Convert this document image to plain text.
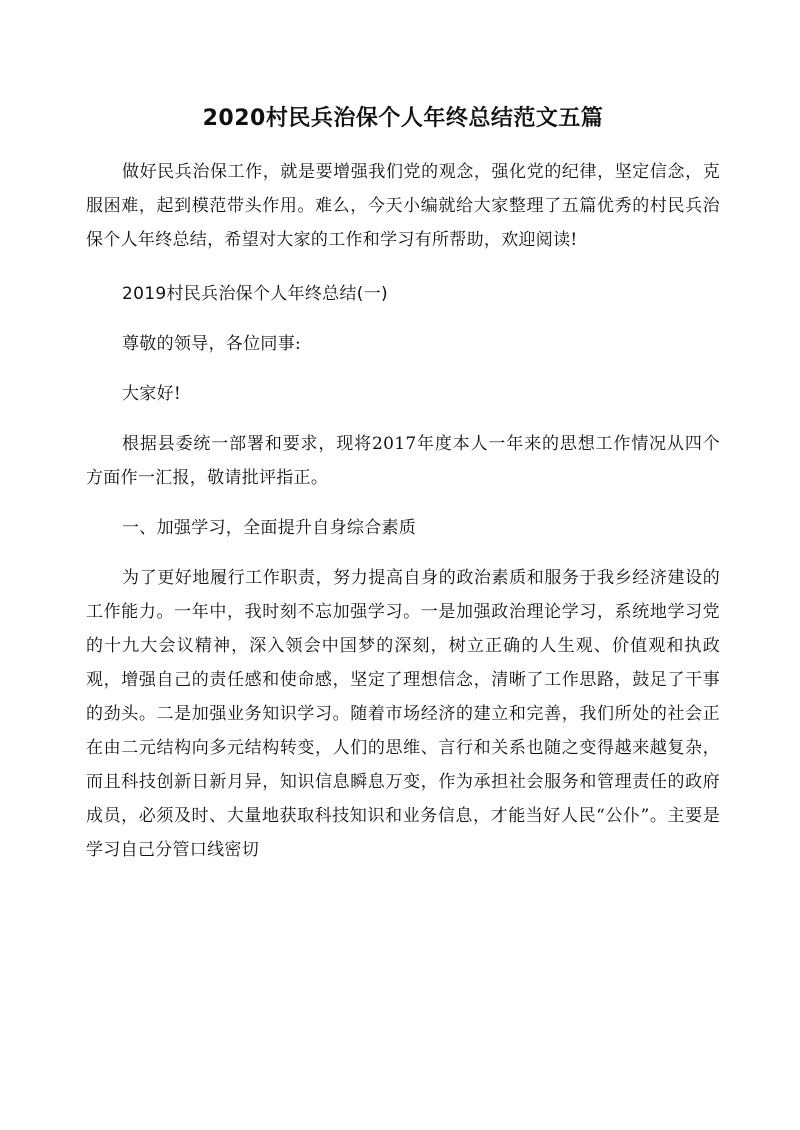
2020村民兵治保个人年终总结范文五篇

做好民兵治保工作，就是要增强我们党的观念，强化党的纪律，坚定信念，克服困难，起到模范带头作用。难么，今天小编就给大家整理了五篇优秀的村民兵治保个人年终总结，希望对大家的工作和学习有所帮助，欢迎阅读!

2019村民兵治保个人年终总结(一)

尊敬的领导，各位同事:

大家好!

根据县委统一部署和要求，现将2017年度本人一年来的思想工作情况从四个方面作一汇报，敬请批评指正。

一、加强学习，全面提升自身综合素质

为了更好地履行工作职责，努力提高自身的政治素质和服务于我乡经济建设的工作能力。一年中，我时刻不忘加强学习。一是加强政治理论学习，系统地学习党的十九大会议精神，深入领会中国梦的深刻，树立正确的人生观、价值观和执政观，增强自己的责任感和使命感，坚定了理想信念，清晰了工作思路，鼓足了干事的劲头。二是加强业务知识学习。随着市场经济的建立和完善，我们所处的社会正在由二元结构向多元结构转变，人们的思维、言行和关系也随之变得越来越复杂，而且科技创新日新月异，知识信息瞬息万变，作为承担社会服务和管理责任的政府成员，必须及时、大量地获取科技知识和业务信息，才能当好人民“公仆”。主要是学习自己分管口线密切
